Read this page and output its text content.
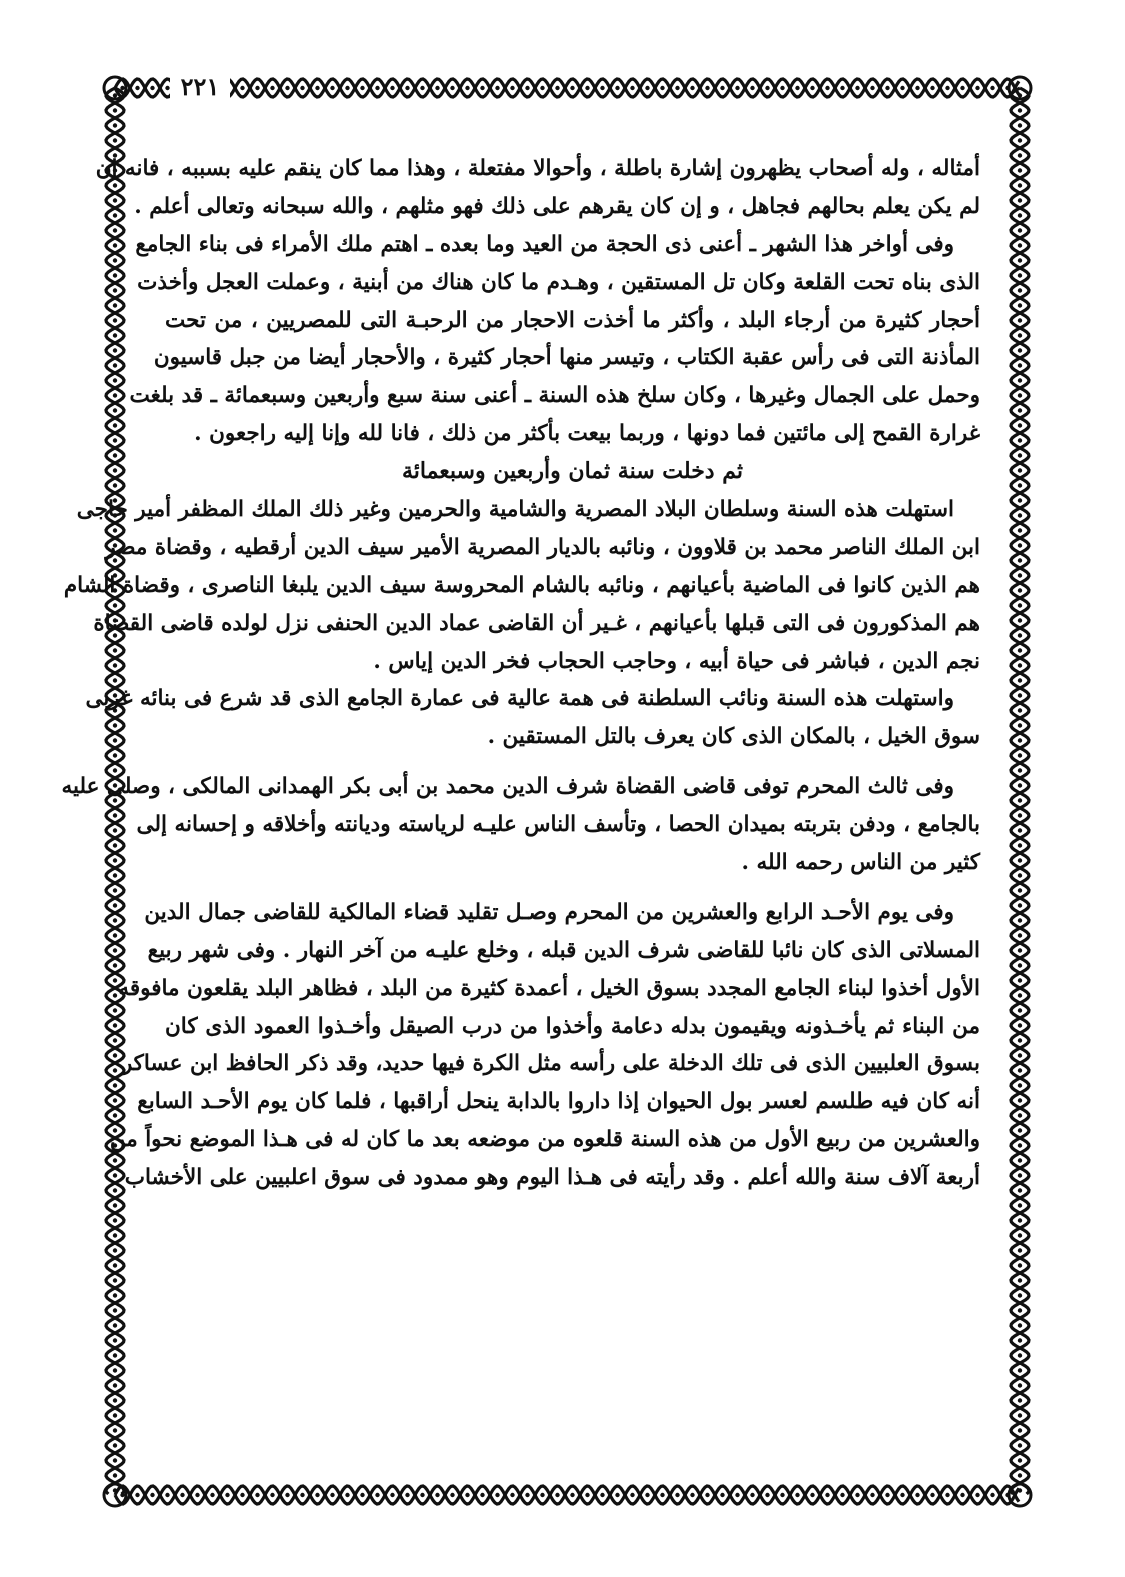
٢٢١
أمثاله ، وله أصحاب يظهرون إشارة باطلة ، وأحوالا مفتعلة ، وهذا مما كان ينقم عليه بسببه ، فانه إن
لم يكن يعلم بحالهم فجاهل ، و إن كان يقرهم على ذلك فهو مثلهم ، والله سبحانه وتعالى أعلم .
وفى أواخر هذا الشهر ـ أعنى ذى الحجة من العيد وما بعده ـ اهتم ملك الأمراء فى بناء الجامع
الذى بناه تحت القلعة وكان تل المستقين ، وهـدم ما كان هناك من أبنية ، وعملت العجل وأخذت
أحجار كثيرة من أرجاء البلد ، وأكثر ما أخذت الاحجار من الرحبـة التى للمصريين ، من تحت
المأذنة التى فى رأس عقبة الكتاب ، وتيسر منها أحجار كثيرة ، والأحجار أيضا من جبل قاسيون
وحمل على الجمال وغيرها ، وكان سلخ هذه السنة ـ أعنى سنة سبع وأربعين وسبعمائة ـ قد بلغت
غرارة القمح إلى مائتين فما دونها ، وربما بيعت بأكثر من ذلك ، فانا لله وإنا إليه راجعون .
ثم دخلت سنة ثمان وأربعين وسبعمائة
استهلت هذه السنة وسلطان البلاد المصرية والشامية والحرمين وغير ذلك الملك المظفر أمير حاجى
ابن الملك الناصر محمد بن قلاوون ، ونائبه بالديار المصرية الأمير سيف الدين أرقطيه ، وقضاة مصر
هم الذين كانوا فى الماضية بأعيانهم ، ونائبه بالشام المحروسة سيف الدين يلبغا الناصرى ، وقضاة الشام
هم المذكورون فى التى قبلها بأعيانهم ، غـير أن القاضى عماد الدين الحنفى نزل لولده قاضى القضاة
نجم الدين ، فباشر فى حياة أبيه ، وحاجب الحجاب فخر الدين إياس .
واستهلت هذه السنة ونائب السلطنة فى همة عالية فى عمارة الجامع الذى قد شرع فى بنائه غربى
سوق الخيل ، بالمكان الذى كان يعرف بالتل المستقين .
وفى ثالث المحرم توفى قاضى القضاة شرف الدين محمد بن أبى بكر الهمدانى المالكى ، وصلى عليه
بالجامع ، ودفن بتربته بميدان الحصا ، وتأسف الناس عليـه لرياسته وديانته وأخلاقه و إحسانه إلى
كثير من الناس رحمه الله .
وفى يوم الأحـد الرابع والعشرين من المحرم وصـل تقليد قضاء المالكية للقاضى جمال الدين
المسلاتى الذى كان نائبا للقاضى شرف الدين قبله ، وخلع عليـه من آخر النهار . وفى شهر ربيع
الأول أخذوا لبناء الجامع المجدد بسوق الخيل ، أعمدة كثيرة من البلد ، فظاهر البلد يقلعون مافوقه
من البناء ثم يأخـذونه ويقيمون بدله دعامة وأخذوا من درب الصيقل وأخـذوا العمود الذى كان
بسوق العلبيين الذى فى تلك الدخلة على رأسه مثل الكرة فيها حديد، وقد ذكر الحافظ ابن عساكر
أنه كان فيه طلسم لعسر بول الحيوان إذا داروا بالدابة ينحل أراقبها ، فلما كان يوم الأحـد السابع
والعشرين من ربيع الأول من هذه السنة قلعوه من موضعه بعد ما كان له فى هـذا الموضع نحواً من
أربعة آلاف سنة والله أعلم . وقد رأيته فى هـذا اليوم وهو ممدود فى سوق اعلبيين على الأخشاب
